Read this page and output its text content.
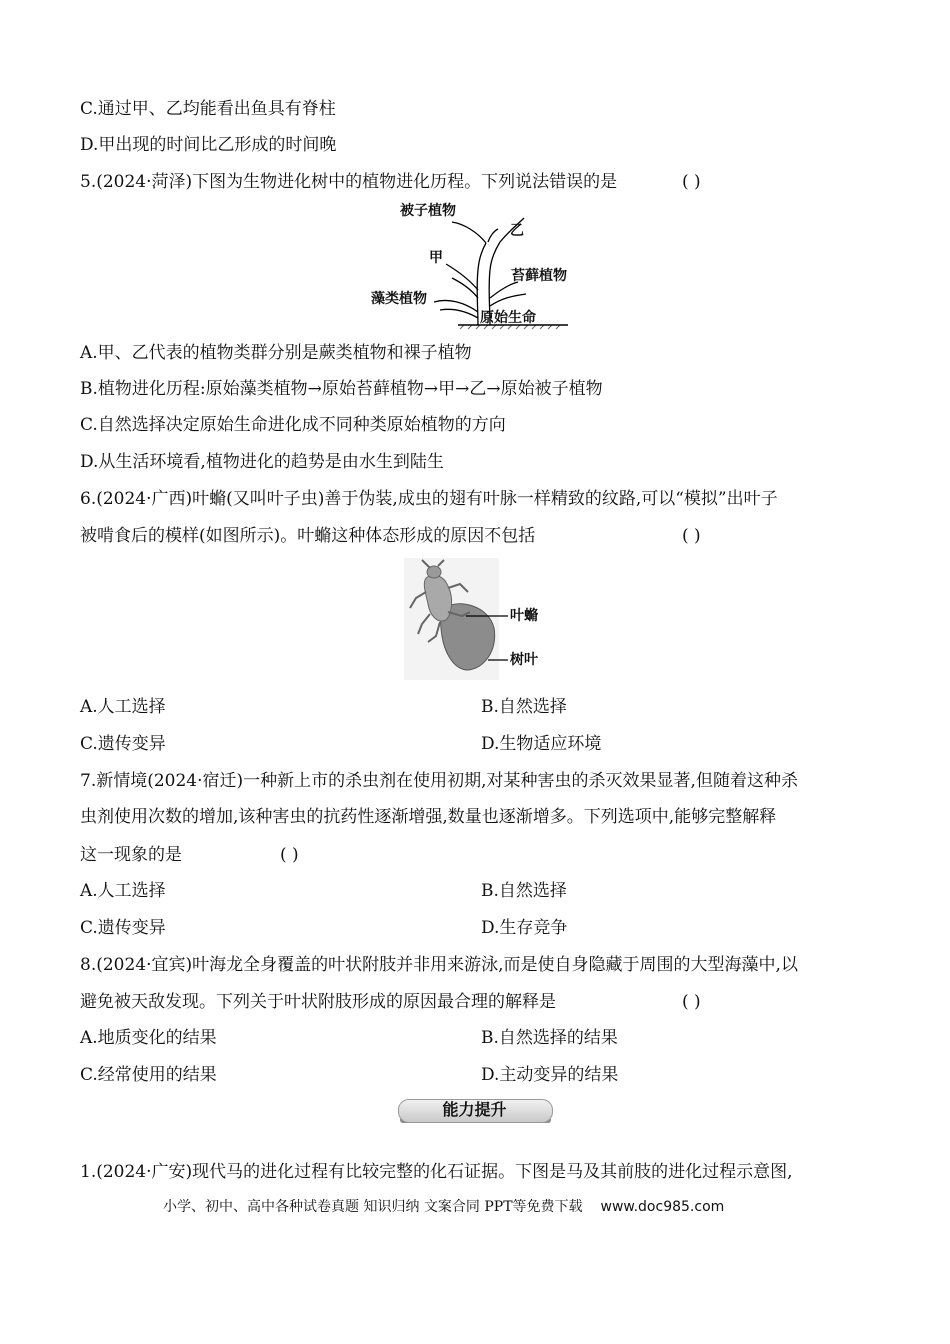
C.通过甲、乙均能看出鱼具有脊柱
D.甲出现的时间比乙形成的时间晚
5.(2024·菏泽)下图为生物进化树中的植物进化历程。下列说法错误的是	( )
被子植物
乙
甲
苔藓植物
藻类植物
原始生命
A.甲、乙代表的植物类群分别是蕨类植物和裸子植物
B.植物进化历程:原始藻类植物→原始苔藓植物→甲→乙→原始被子植物
C.自然选择决定原始生命进化成不同种类原始植物的方向
D.从生活环境看,植物进化的趋势是由水生到陆生
6.(2024·广西)叶䗛(又叫叶子虫)善于伪装,成虫的翅有叶脉一样精致的纹路,可以“模拟”出叶子
被啃食后的模样(如图所示)。叶䗛这种体态形成的原因不包括	( )
叶䗛
树叶
A.人工选择	B.自然选择
C.遗传变异	D.生物适应环境
7.新情境(2024·宿迁)一种新上市的杀虫剂在使用初期,对某种害虫的杀灭效果显著,但随着这种杀
虫剂使用次数的增加,该种害虫的抗药性逐渐增强,数量也逐渐增多。下列选项中,能够完整解释
这一现象的是	( )
A.人工选择	B.自然选择
C.遗传变异	D.生存竞争
8.(2024·宜宾)叶海龙全身覆盖的叶状附肢并非用来游泳,而是使自身隐藏于周围的大型海藻中,以
避免被天敌发现。下列关于叶状附肢形成的原因最合理的解释是	( )
A.地质变化的结果	B.自然选择的结果
C.经常使用的结果	D.主动变异的结果
能力提升
1.(2024·广安)现代马的进化过程有比较完整的化石证据。下图是马及其前肢的进化过程示意图,
小学、初中、高中各种试卷真题 知识归纳 文案合同 PPT等免费下载 www.doc985.com
